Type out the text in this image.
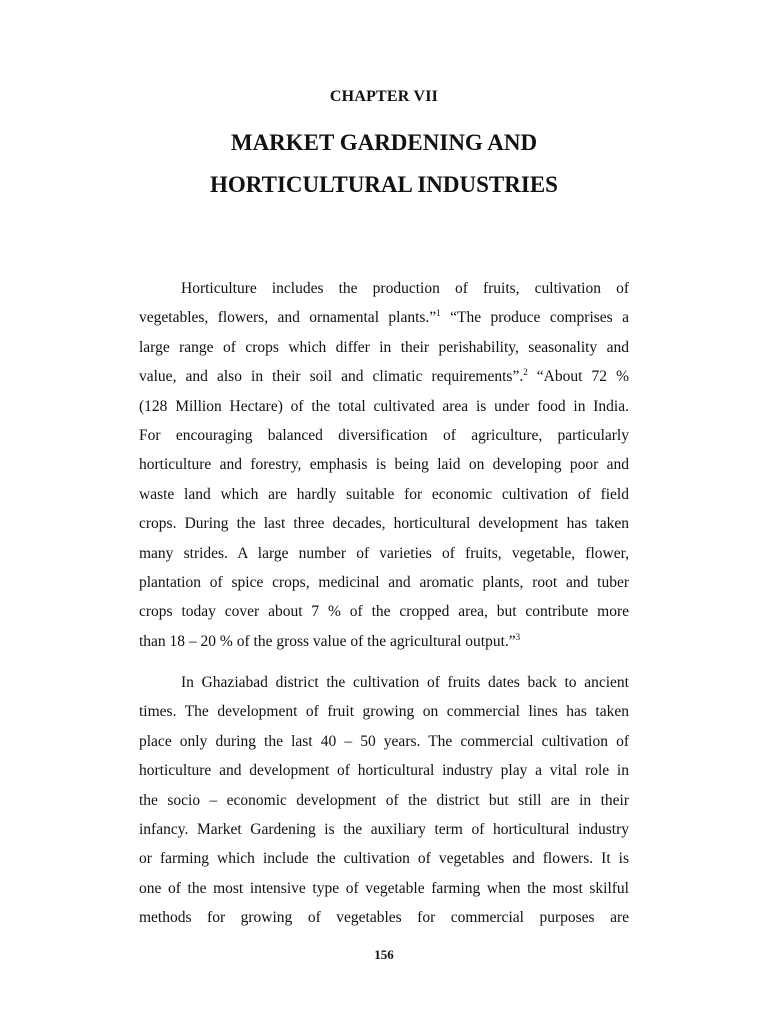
CHAPTER VII
MARKET GARDENING AND
HORTICULTURAL INDUSTRIES
Horticulture includes the production of fruits, cultivation of
vegetables, flowers, and ornamental plants.”$^1$ “The produce comprises a
large range of crops which differ in their perishability, seasonality and
value, and also in their soil and climatic requirements”.$^2$ “About 72 %
(128 Million Hectare) of the total cultivated area is under food in India.
For encouraging balanced diversification of agriculture, particularly
horticulture and forestry, emphasis is being laid on developing poor and
waste land which are hardly suitable for economic cultivation of field
crops. During the last three decades, horticultural development has taken
many strides. A large number of varieties of fruits, vegetable, flower,
plantation of spice crops, medicinal and aromatic plants, root and tuber
crops today cover about 7 % of the cropped area, but contribute more
than 18 – 20 % of the gross value of the agricultural output.”$^3$
In Ghaziabad district the cultivation of fruits dates back to ancient
times. The development of fruit growing on commercial lines has taken
place only during the last 40 – 50 years. The commercial cultivation of
horticulture and development of horticultural industry play a vital role in
the socio – economic development of the district but still are in their
infancy. Market Gardening is the auxiliary term of horticultural industry
or farming which include the cultivation of vegetables and flowers. It is
one of the most intensive type of vegetable farming when the most skilful
methods for growing of vegetables for commercial purposes are
156
